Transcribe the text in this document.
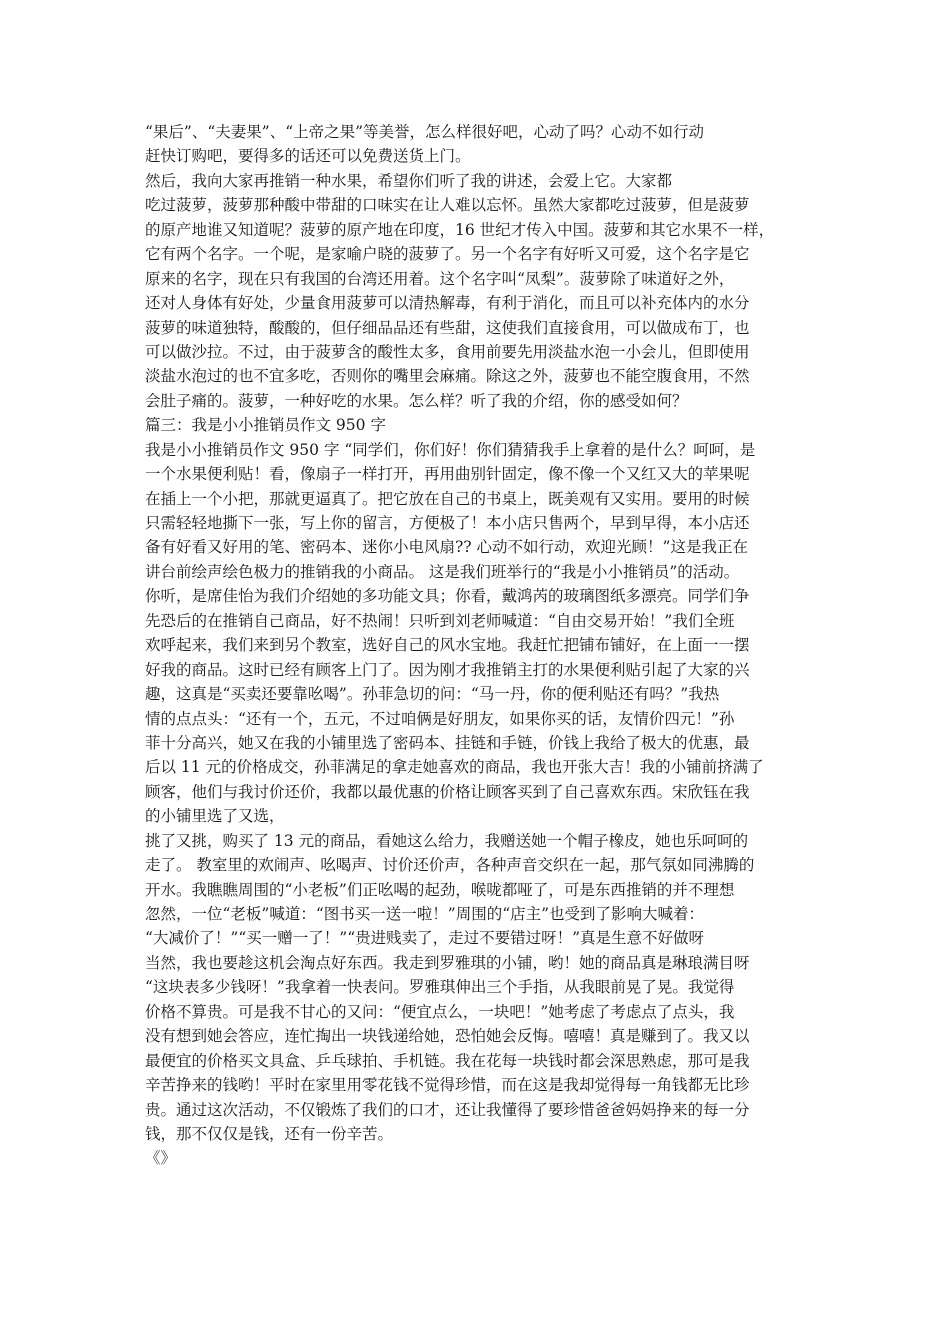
“果后”、“夫妻果”、“上帝之果”等美誉，怎么样很好吧，心动了吗？心动不如行动
赶快订购吧，要得多的话还可以免费送货上门。
然后，我向大家再推销一种水果，希望你们听了我的讲述，会爱上它。大家都
吃过菠萝，菠萝那种酸中带甜的口味实在让人难以忘怀。虽然大家都吃过菠萝，但是菠萝
的原产地谁又知道呢？菠萝的原产地在印度，16 世纪才传入中国。菠萝和其它水果不一样，
它有两个名字。一个呢，是家喻户晓的菠萝了。另一个名字有好听又可爱，这个名字是它
原来的名字，现在只有我国的台湾还用着。这个名字叫“凤梨”。菠萝除了味道好之外，
还对人身体有好处，少量食用菠萝可以清热解毒，有利于消化，而且可以补充体内的水分
菠萝的味道独特，酸酸的，但仔细品品还有些甜，这使我们直接食用，可以做成布丁，也
可以做沙拉。不过，由于菠萝含的酸性太多，食用前要先用淡盐水泡一小会儿，但即使用
淡盐水泡过的也不宜多吃，否则你的嘴里会麻痛。除这之外，菠萝也不能空腹食用，不然
会肚子痛的。菠萝，一种好吃的水果。怎么样？听了我的介绍，你的感受如何？
篇三：我是小小推销员作文 950 字
我是小小推销员作文 950 字 “同学们，你们好！你们猜猜我手上拿着的是什么？呵呵，是
一个水果便利贴！看，像扇子一样打开，再用曲别针固定，像不像一个又红又大的苹果呢
在插上一个小把，那就更逼真了。把它放在自己的书桌上，既美观有又实用。要用的时候
只需轻轻地撕下一张，写上你的留言，方便极了！本小店只售两个，早到早得，本小店还
备有好看又好用的笔、密码本、迷你小电风扇?? 心动不如行动，欢迎光顾！”这是我正在
讲台前绘声绘色极力的推销我的小商品。 这是我们班举行的“我是小小推销员”的活动。
你听，是席佳怡为我们介绍她的多功能文具；你看，戴鸿芮的玻璃图纸多漂亮。同学们争
先恐后的在推销自己商品，好不热闹！只听到刘老师喊道：“自由交易开始！”我们全班
欢呼起来，我们来到另个教室，选好自己的风水宝地。我赶忙把铺布铺好，在上面一一摆
好我的商品。这时已经有顾客上门了。因为刚才我推销主打的水果便利贴引起了大家的兴
趣，这真是“买卖还要靠吆喝”。孙菲急切的问：“马一丹，你的便利贴还有吗？”我热
情的点点头：“还有一个，五元，不过咱俩是好朋友，如果你买的话，友情价四元！”孙
菲十分高兴，她又在我的小铺里选了密码本、挂链和手链，价钱上我给了极大的优惠，最
后以 11 元的价格成交，孙菲满足的拿走她喜欢的商品，我也开张大吉！我的小铺前挤满了
顾客，他们与我讨价还价，我都以最优惠的价格让顾客买到了自己喜欢东西。宋欣钰在我
的小铺里选了又选，
挑了又挑，购买了 13 元的商品，看她这么给力，我赠送她一个帽子橡皮，她也乐呵呵的
走了。 教室里的欢闹声、吆喝声、讨价还价声，各种声音交织在一起，那气氛如同沸腾的
开水。我瞧瞧周围的“小老板”们正吆喝的起劲，喉咙都哑了，可是东西推销的并不理想
忽然，一位“老板”喊道：“图书买一送一啦！”周围的“店主”也受到了影响大喊着：
“大减价了！”“买一赠一了！”“贵进贱卖了，走过不要错过呀！”真是生意不好做呀
当然，我也要趁这机会淘点好东西。我走到罗雅琪的小铺，哟！她的商品真是琳琅满目呀
“这块表多少钱呀！”我拿着一快表问。罗雅琪伸出三个手指，从我眼前晃了晃。我觉得
价格不算贵。可是我不甘心的又问：“便宜点么，一块吧！”她考虑了考虑点了点头，我
没有想到她会答应，连忙掏出一块钱递给她，恐怕她会反悔。嘻嘻！真是赚到了。我又以
最便宜的价格买文具盒、乒乓球拍、手机链。我在花每一块钱时都会深思熟虑，那可是我
辛苦挣来的钱哟！平时在家里用零花钱不觉得珍惜，而在这是我却觉得每一角钱都无比珍
贵。通过这次活动，不仅锻炼了我们的口才，还让我懂得了要珍惜爸爸妈妈挣来的每一分
钱，那不仅仅是钱，还有一份辛苦。
《》
